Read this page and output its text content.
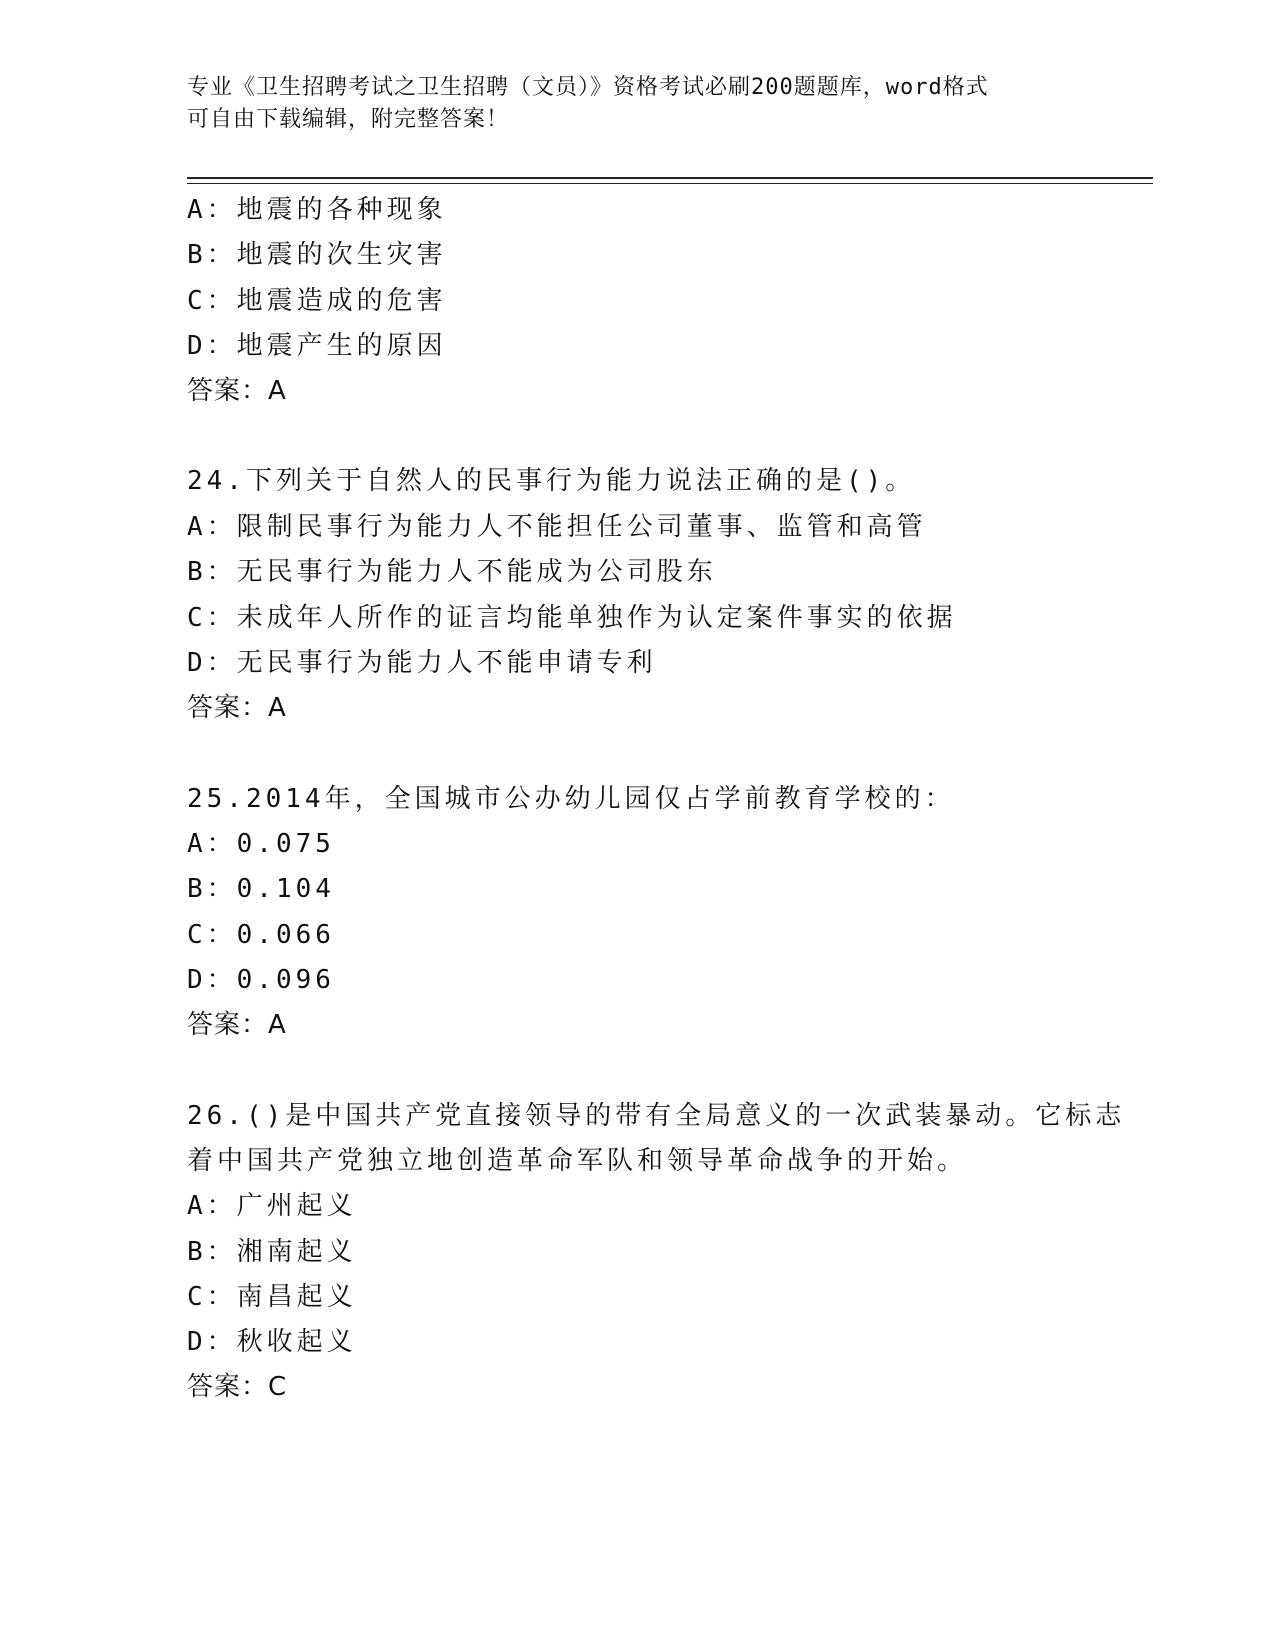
专业《卫生招聘考试之卫生招聘（文员）》资格考试必刷200题题库，word格式

可自由下载编辑，附完整答案！

A：地震的各种现象

B：地震的次生灾害

C：地震造成的危害

D：地震产生的原因

答案：A

24.下列关于自然人的民事行为能力说法正确的是()。

A：限制民事行为能力人不能担任公司董事、监管和高管

B：无民事行为能力人不能成为公司股东

C：未成年人所作的证言均能单独作为认定案件事实的依据

D：无民事行为能力人不能申请专利

答案：A

25.2014年，全国城市公办幼儿园仅占学前教育学校的：

A：0.075

B：0.104

C：0.066

D：0.096

答案：A

26.()是中国共产党直接领导的带有全局意义的一次武装暴动。它标志

着中国共产党独立地创造革命军队和领导革命战争的开始。

A：广州起义

B：湘南起义

C：南昌起义

D：秋收起义

答案：C
